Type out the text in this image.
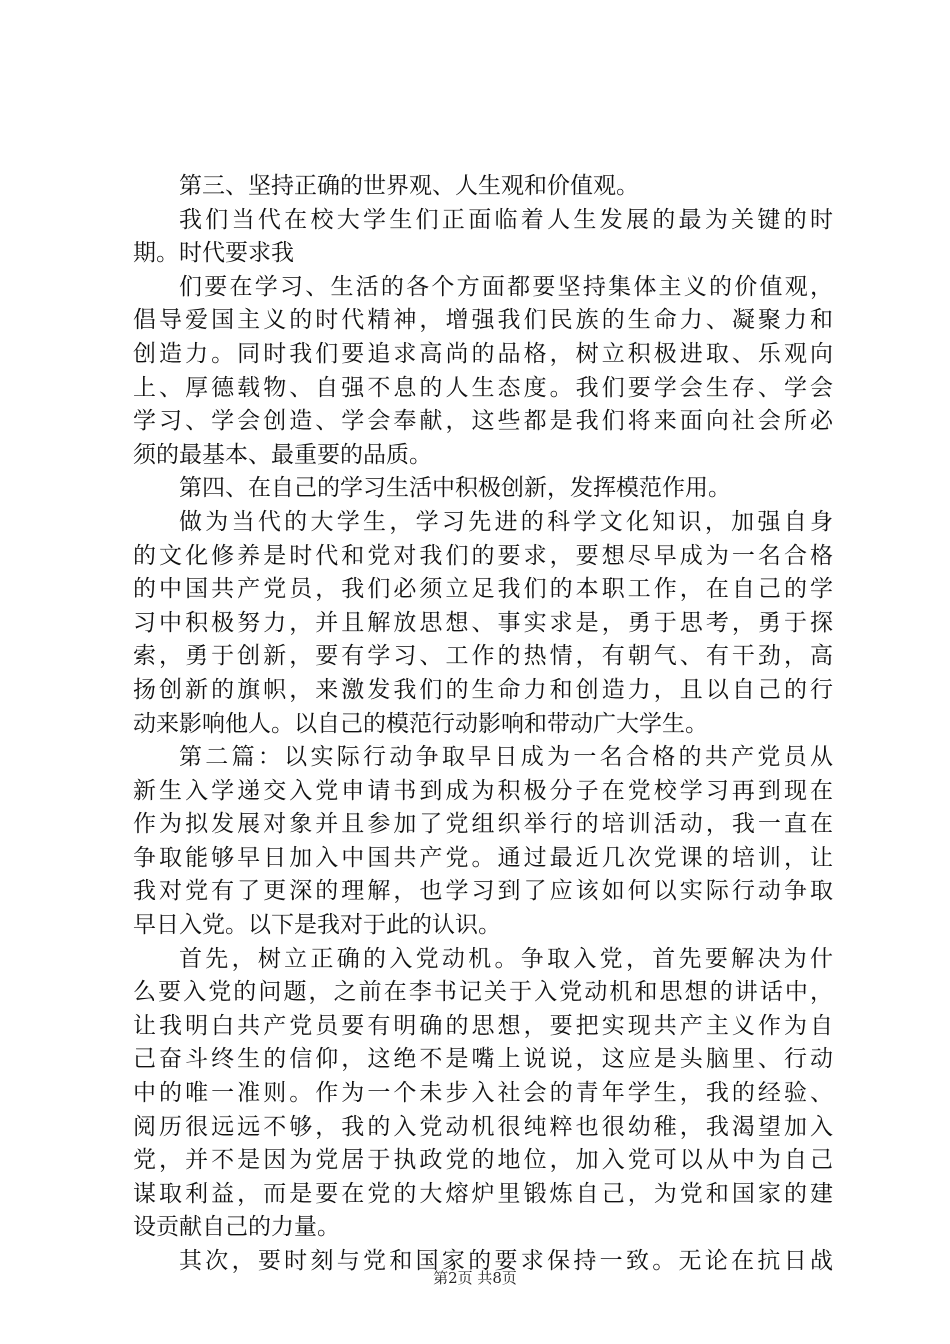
第三、坚持正确的世界观、人生观和价值观。
我们当代在校大学生们正面临着人生发展的最为关键的时
期。时代要求我
们要在学习、生活的各个方面都要坚持集体主义的价值观，
倡导爱国主义的时代精神，增强我们民族的生命力、凝聚力和
创造力。同时我们要追求高尚的品格，树立积极进取、乐观向
上、厚德载物、自强不息的人生态度。我们要学会生存、学会
学习、学会创造、学会奉献，这些都是我们将来面向社会所必
须的最基本、最重要的品质。
第四、在自己的学习生活中积极创新，发挥模范作用。
做为当代的大学生，学习先进的科学文化知识，加强自身
的文化修养是时代和党对我们的要求，要想尽早成为一名合格
的中国共产党员，我们必须立足我们的本职工作，在自己的学
习中积极努力，并且解放思想、事实求是，勇于思考，勇于探
索，勇于创新，要有学习、工作的热情，有朝气、有干劲，高
扬创新的旗帜，来激发我们的生命力和创造力，且以自己的行
动来影响他人。以自己的模范行动影响和带动广大学生。
第二篇：以实际行动争取早日成为一名合格的共产党员从
新生入学递交入党申请书到成为积极分子在党校学习再到现在
作为拟发展对象并且参加了党组织举行的培训活动，我一直在
争取能够早日加入中国共产党。通过最近几次党课的培训，让
我对党有了更深的理解，也学习到了应该如何以实际行动争取
早日入党。以下是我对于此的认识。
首先，树立正确的入党动机。争取入党，首先要解决为什
么要入党的问题，之前在李书记关于入党动机和思想的讲话中，
让我明白共产党员要有明确的思想，要把实现共产主义作为自
己奋斗终生的信仰，这绝不是嘴上说说，这应是头脑里、行动
中的唯一准则。作为一个未步入社会的青年学生，我的经验、
阅历很远远不够，我的入党动机很纯粹也很幼稚，我渴望加入
党，并不是因为党居于执政党的地位，加入党可以从中为自己
谋取利益，而是要在党的大熔炉里锻炼自己，为党和国家的建
设贡献自己的力量。
其次，要时刻与党和国家的要求保持一致。无论在抗日战
第2页 共8页
